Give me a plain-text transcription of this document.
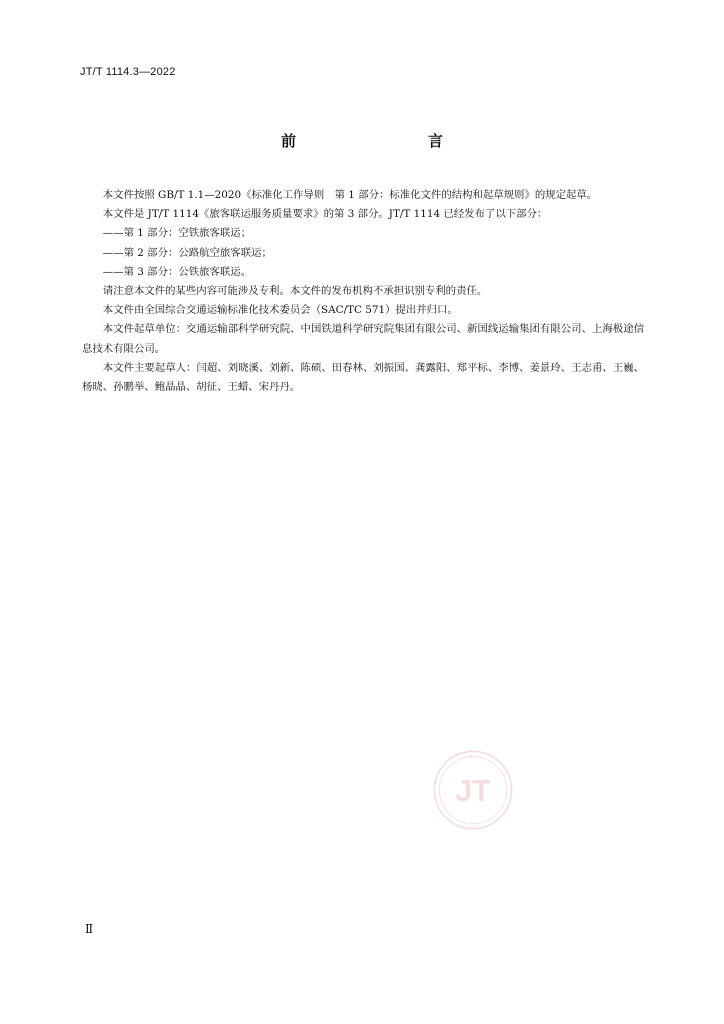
JT/T 1114.3—2022
前　　言

本文件按照 GB/T 1.1—2020《标准化工作导则　第 1 部分：标准化文件的结构和起草规则》的规定起草。

本文件是 JT/T 1114《旅客联运服务质量要求》的第 3 部分。JT/T 1114 已经发布了以下部分：

——第 1 部分：空铁旅客联运；

——第 2 部分：公路航空旅客联运；

——第 3 部分：公铁旅客联运。

请注意本文件的某些内容可能涉及专利。本文件的发布机构不承担识别专利的责任。

本文件由全国综合交通运输标准化技术委员会（SAC/TC 571）提出并归口。

本文件起草单位：交通运输部科学研究院、中国铁道科学研究院集团有限公司、新国线运输集团有限公司、上海极途信息技术有限公司。

本文件主要起草人：闫超、刘晓溪、刘新、陈硕、田春林、刘振国、龚露阳、郑平标、李博、姜景玲、王志甫、王巍、杨晓、孙鹏举、鲍晶晶、胡征、王蜡、宋丹丹。

JT
Ⅱ
